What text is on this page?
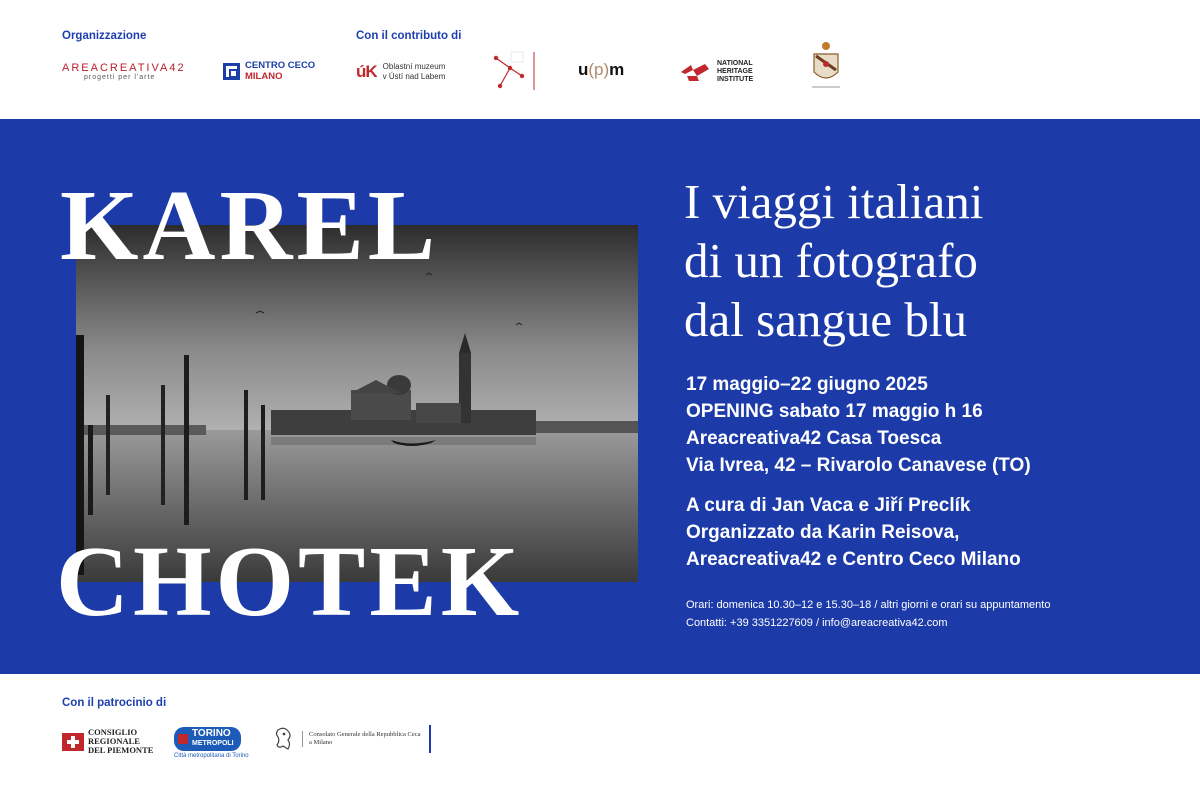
Organizzazione	Con il contributo di
AREACREATIVA42
progetti per l'arte
CENTRO CECO
MILANO	úK Oblastní muzeum
v Ústí nad Labem	u (p) m	NATIONAL
HERITAGE
INSTITUTE
KAREL
CHOTEK
I viaggi italiani
di un fotografo
dal sangue blu
17 maggio–22 giugno 2025
OPENING sabato 17 maggio h 16
Areacreativa42 Casa Toesca
Via Ivrea, 42 – Rivarolo Canavese (TO)
A cura di Jan Vaca e Jiří Preclík
Organizzato da Karin Reisova,
Areacreativa42 e Centro Ceco Milano
Orari: domenica 10.30–12 e 15.30–18 / altri giorni e orari su appuntamento
Contatti: +39 3351227609 / info@areacreativa42.com
Con il patrocinio di
CONSIGLIO
REGIONALE
DEL PIEMONTE
TORINO
METROPOLI
Città metropolitana di Torino
Consolato Generale della Repubblica Ceca
a Milano
